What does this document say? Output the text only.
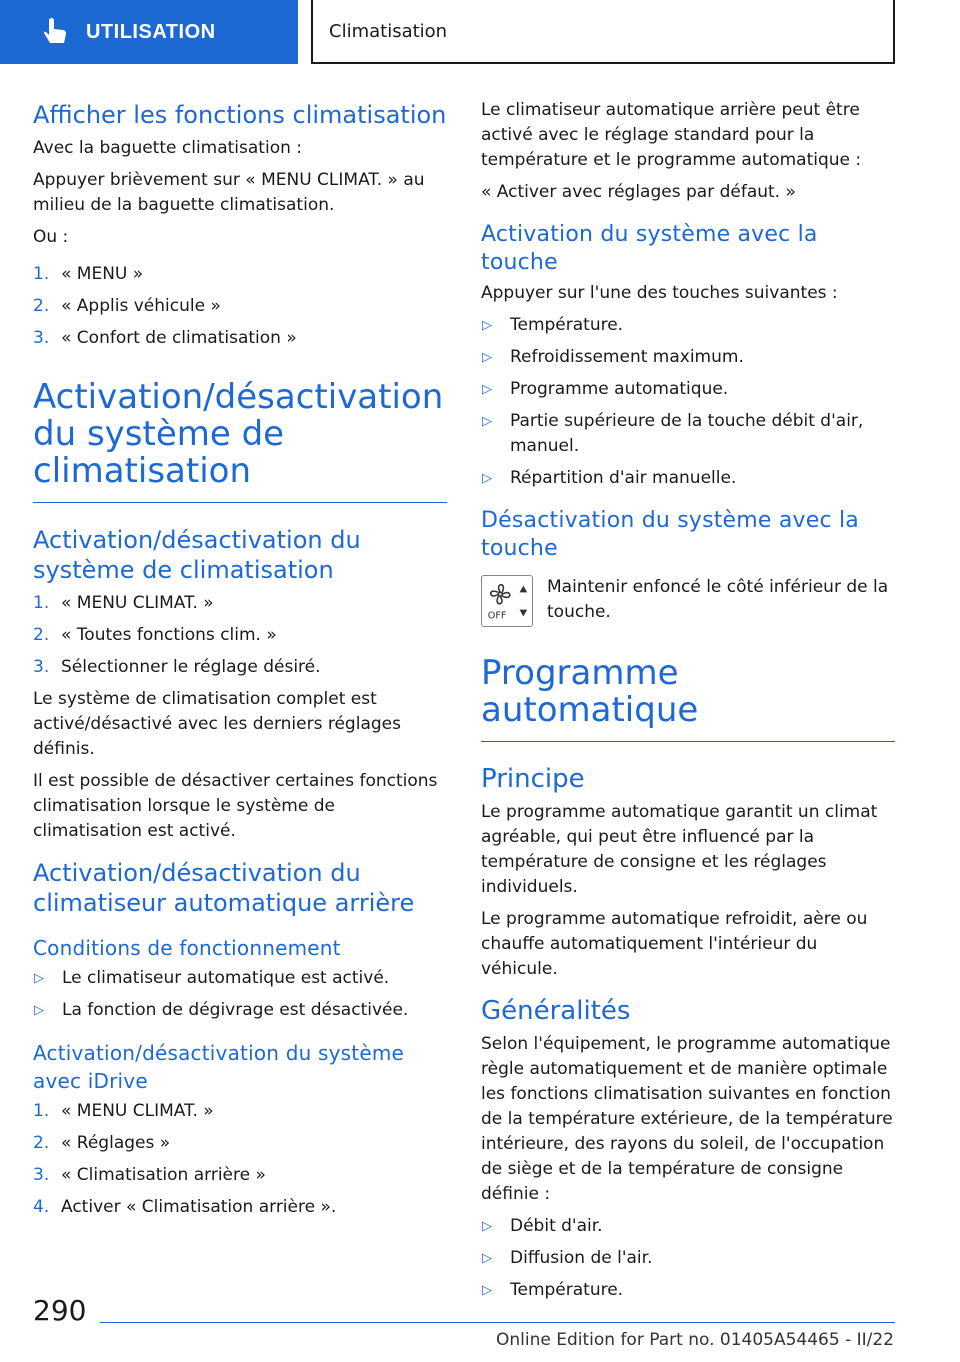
UTILISATION	Climatisation
Afficher les fonctions climatisation

Avec la baguette climatisation :

Appuyer brièvement sur « MENU CLIMAT. » au milieu de la baguette climatisation.

Ou :

1. « MENU »
2. « Applis véhicule »
3. « Confort de climatisation »
Activation/désactivation du système de climatisation
Activation/désactivation du système de climatisation
1. « MENU CLIMAT. »
2. « Toutes fonctions clim. »
3. Sélectionner le réglage désiré.

Le système de climatisation complet est activé/désactivé avec les derniers réglages définis.

Il est possible de désactiver certaines fonctions climatisation lorsque le système de climatisation est activé.

Activation/désactivation du climatiseur automatique arrière
Conditions de fonctionnement
▷	Le climatiseur automatique est activé.
▷	La fonction de dégivrage est désactivée.
Activation/désactivation du système avec iDrive
1. « MENU CLIMAT. »
2. « Réglages »
3. « Climatisation arrière »
4. Activer « Climatisation arrière ».

Le climatiseur automatique arrière peut être activé avec le réglage standard pour la température et le programme automatique :

« Activer avec réglages par défaut. »

Activation du système avec la touche

Appuyer sur l'une des touches suivantes :

▷	Température.
▷	Refroidissement maximum.
▷	Programme automatique.
▷	Partie supérieure de la touche débit d'air, manuel.
▷	Répartition d'air manuelle.
Désactivation du système avec la touche
OFF

Maintenir enfoncé le côté inférieur de la touche.

Programme automatique
Principe

Le programme automatique garantit un climat agréable, qui peut être influencé par la température de consigne et les réglages individuels.

Le programme automatique refroidit, aère ou chauffe automatiquement l'intérieur du véhicule.

Généralités

Selon l'équipement, le programme automatique règle automatiquement et de manière optimale les fonctions climatisation suivantes en fonction de la température extérieure, de la température intérieure, des rayons du soleil, de l'occupation de siège et de la température de consigne définie :

▷	Débit d'air.
▷	Diffusion de l'air.
▷	Température.
290
Online Edition for Part no. 01405A54465 - II/22
